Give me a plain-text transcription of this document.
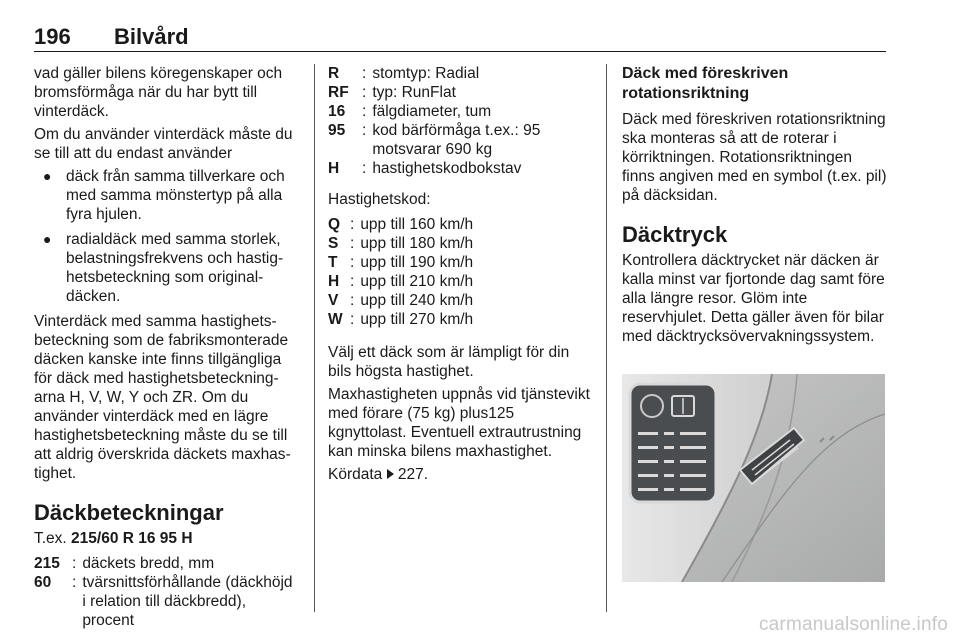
196 Bilvård

vad gäller bilens köregenskaper och bromsförmåga när du har bytt till vinterdäck.

Om du använder vinterdäck måste du se till att du endast använder

● däck från samma tillverkare och med samma mönstertyp på alla fyra hjulen.
● radialdäck med samma storlek, belastningsfrekvens och hastighetsbeteckning som originaldäcken.

Vinterdäck med samma hastighetsbeteckning som de fabriksmonterade däcken kanske inte finns tillgängliga för däck med hastighetsbeteckningarna H, V, W, Y och ZR. Om du använder vinterdäck med en lägre hastighetsbeteckning måste du se till att aldrig överskrida däckets maxhastighet.

Däckbeteckningar

T.ex. 215/60 R 16 95 H

215 : däckets bredd, mm
60	: tvärsnittsförhållande (däckhöjd i relation till däckbredd), procent
R	: stomtyp: Radial
RF : typ: RunFlat
16	: fälgdiameter, tum
95	: kod bärförmåga t.ex.: 95 motsvarar 690 kg
H	: hastighetskodbokstav

Hastighetskod:

Q : upp till 160 km/h
S : upp till 180 km/h
T : upp till 190 km/h
H : upp till 210 km/h
V : upp till 240 km/h
W : upp till 270 km/h

Välj ett däck som är lämpligt för din bils högsta hastighet.

Maxhastigheten uppnås vid tjänstevikt med förare (75 kg) plus125 kgnyttolast. Eventuell extrautrustning kan minska bilens maxhastighet.

Kördata 227.

Däck med föreskriven rotationsriktning

Däck med föreskriven rotationsriktning ska monteras så att de roterar i körriktningen. Rotationsriktningen finns angiven med en symbol (t.ex. pil) på däcksidan.

Däcktryck

Kontrollera däcktrycket när däcken är kalla minst var fjortonde dag samt före alla längre resor. Glöm inte reservhjulet. Detta gäller även för bilar med däcktrycksövervakningssystem.

carmanualsonline.info
